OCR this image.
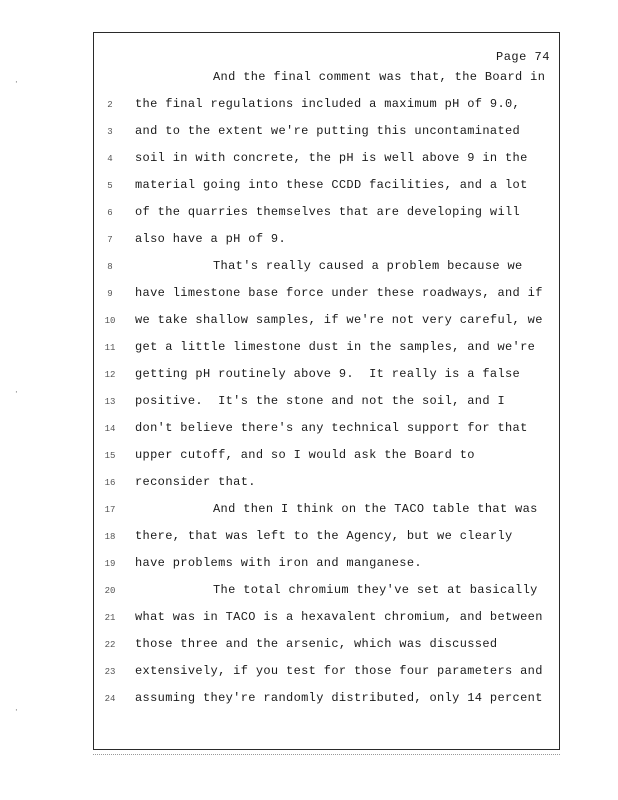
·
·
·
Page 74
And the final comment was that, the Board in
2	the final regulations included a maximum pH of 9.0,
3	and to the extent we're putting this uncontaminated
4	soil in with concrete, the pH is well above 9 in the
5	material going into these CCDD facilities, and a lot
6	of the quarries themselves that are developing will
7	also have a pH of 9.
8	That's really caused a problem because we
9	have limestone base force under these roadways, and if
10	we take shallow samples, if we're not very careful, we
11	get a little limestone dust in the samples, and we're
12	getting pH routinely above 9.  It really is a false
13	positive.  It's the stone and not the soil, and I
14	don't believe there's any technical support for that
15	upper cutoff, and so I would ask the Board to
16	reconsider that.
17	And then I think on the TACO table that was
18	there, that was left to the Agency, but we clearly
19	have problems with iron and manganese.
20	The total chromium they've set at basically
21	what was in TACO is a hexavalent chromium, and between
22	those three and the arsenic, which was discussed
23	extensively, if you test for those four parameters and
24	assuming they're randomly distributed, only 14 percent
